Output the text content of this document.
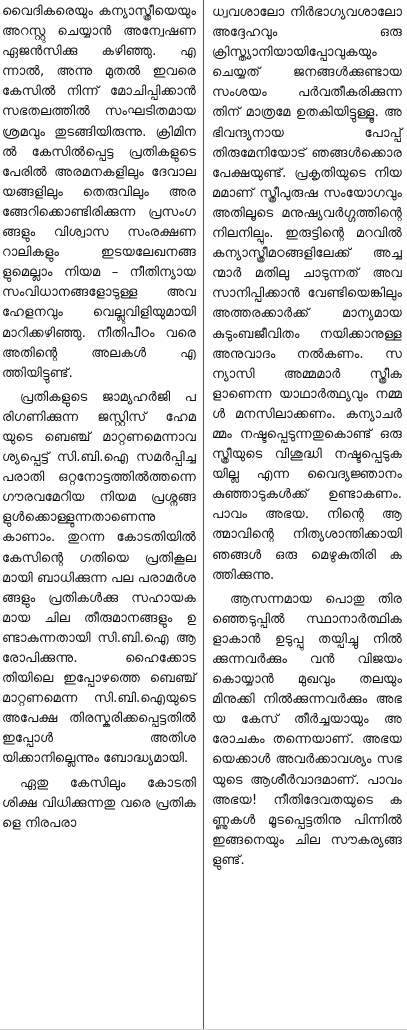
വൈദികരെയും കന്യാസ്ത്രീയെയും അറസ്റ്റു ചെയ്യാൻ അന്വേഷണ ഏജൻസിക്കു കഴിഞ്ഞു. എന്നാൽ, അന്നു മുതൽ ഇവരെ കേസിൽ നിന്ന് മോചിപ്പിക്കാൻ സഭതലത്തിൽ സംഘടിതമായ ശ്രമവും തുടങ്ങിയിരുന്നു. ക്രിമിനൽ കേസിൽപ്പെട്ട പ്രതികളുടെ പേരിൽ അരമനകളിലും ദേവാലയങ്ങളിലും തെരുവിലും അരങ്ങേറിക്കൊണ്ടിരിക്കുന്ന പ്രസംഗങ്ങളും വിശ്വാസ സംരക്ഷണറാലികളും ഇടയലേഖനങ്ങളുമെല്ലാം നിയമ – നീതിന്യായ സംവിധാനങ്ങളോടുള്ള അവഹേളനവും വെല്ലുവിളിയുമായി മാറിക്കഴിഞ്ഞു. നീതിപീഠം വരെ അതിന്റെ അലകൾ എത്തിയിട്ടുണ്ട്.

പ്രതികളുടെ ജാമ്യഹർജി പരിഗണിക്കുന്ന ജസ്റ്റിസ് ഹേമയുടെ ബെഞ്ച് മാറ്റണമെന്നാവശ്യപ്പെട്ട് സി.ബി.ഐ സമർപ്പിച്ച പരാതി ഒറ്റനോട്ടത്തിൽത്തന്നെ ഗൗരവമേറിയ നിയമ പ്രശ്നങ്ങളുൾക്കൊള്ളുന്നതാണെന്നു കാണാം. തുറന്ന കോടതിയിൽ കേസിന്റെ ഗതിയെ പ്രതികൂലമായി ബാധിക്കുന്ന പല പരാമർശങ്ങളും പ്രതികൾക്കു സഹായകമായ ചില തീരുമാനങ്ങളും ഉണ്ടാകുന്നതായി സി.ബി.ഐ ആരോപിക്കുന്നു. ഹൈക്കോടതിയിലെ ഇപ്പോഴത്തെ ബെഞ്ച് മാറ്റണമെന്ന സി.ബി.ഐയുടെ അപേക്ഷ തിരസ്കരിക്കപ്പെട്ടതിൽ ഇപ്പോൾ അതിശയിക്കാനില്ലെന്നും ബോദ്ധ്യമായി.

ഏതു കേസിലും കോടതി ശിക്ഷ വിധിക്കുന്നതു വരെ പ്രതികളെ നിരപരാ

ധ്വവശാലോ നിർഭാഗ്യവശാലോ അദ്ദേഹവും ഒരു ക്രിസ്ത്യാനിയായിപ്പോവുകയും ചെയ്യത് ജനങ്ങൾക്കുണ്ടായ സംശയം പർവതീകരിക്കുന്നതിന് മാത്രമേ ഉതകിയിട്ടുള്ളൂ. അഭിവന്ദ്യനായ പോപ്പ് തിരുമേനിയോട് ഞങ്ങൾക്കൊരപേക്ഷയുണ്ട്. പ്രകൃതിയുടെ നിയമമാണ് സ്ത്രീപുരുഷ സംയോഗവും അതിലൂടെ മനുഷ്യവർഗ്ഗത്തിന്റെ നിലനില്പും. ഇരുട്ടിന്റെ മറവിൽ കന്യാസ്ത്രീമഠങ്ങളിലേക്ക് അച്ചന്മാർ മതിലു ചാടുന്നത് അവസാനിപ്പിക്കാൻ വേണ്ടിയെങ്കിലും അത്തരക്കാർക്ക് മാന്യമായ കുടുംബജീവിതം നയിക്കാനുള്ള അനുവാദം നൽകണം. സന്യാസി അമ്മമാർ സ്ത്രീകളാണെന്ന യാഥാർത്ഥ്യവും നമ്മൾ മനസിലാക്കണം. കന്യാചർമ്മം നഷ്ടപ്പെടുന്നതുകൊണ്ട് ഒരു സ്ത്രീയുടെ വിശുദ്ധി നഷ്ടപ്പെടുകയില്ല എന്ന വൈദ്യജ്ഞാനം കുഞ്ഞാടുകൾക്ക് ഉണ്ടാകണം. പാവം അഭയ. നിന്റെ ആത്മാവിന്റെ നിത്യശാന്തിക്കായി ഞങ്ങൾ ഒരു മെഴുകുതിരി കത്തിക്കുന്നു.

ആസന്നമായ പൊതു തിരഞ്ഞെടുപ്പിൽ സ്ഥാനാർത്ഥികളാകാൻ ഉടുപ്പു തയ്പിച്ചു നിൽക്കുന്നവർക്കും വൻ വിജയം കൊയ്യാൻ മുഖവും തലയും മിനുക്കി നിൽക്കുന്നവർക്കും അഭയ കേസ് തീർച്ചയായും അരോചകം തന്നെയാണ്. അഭയയെക്കാൾ അവർക്കാവശ്യം സഭയുടെ ആശീർവാദമാണ്. പാവം അഭയ! നീതിദേവതയുടെ കണ്ണുകൾ മൂടപ്പെട്ടതിനു പിന്നിൽ ഇങ്ങനെയും ചില സൗകര്യങ്ങളുണ്ട്.
